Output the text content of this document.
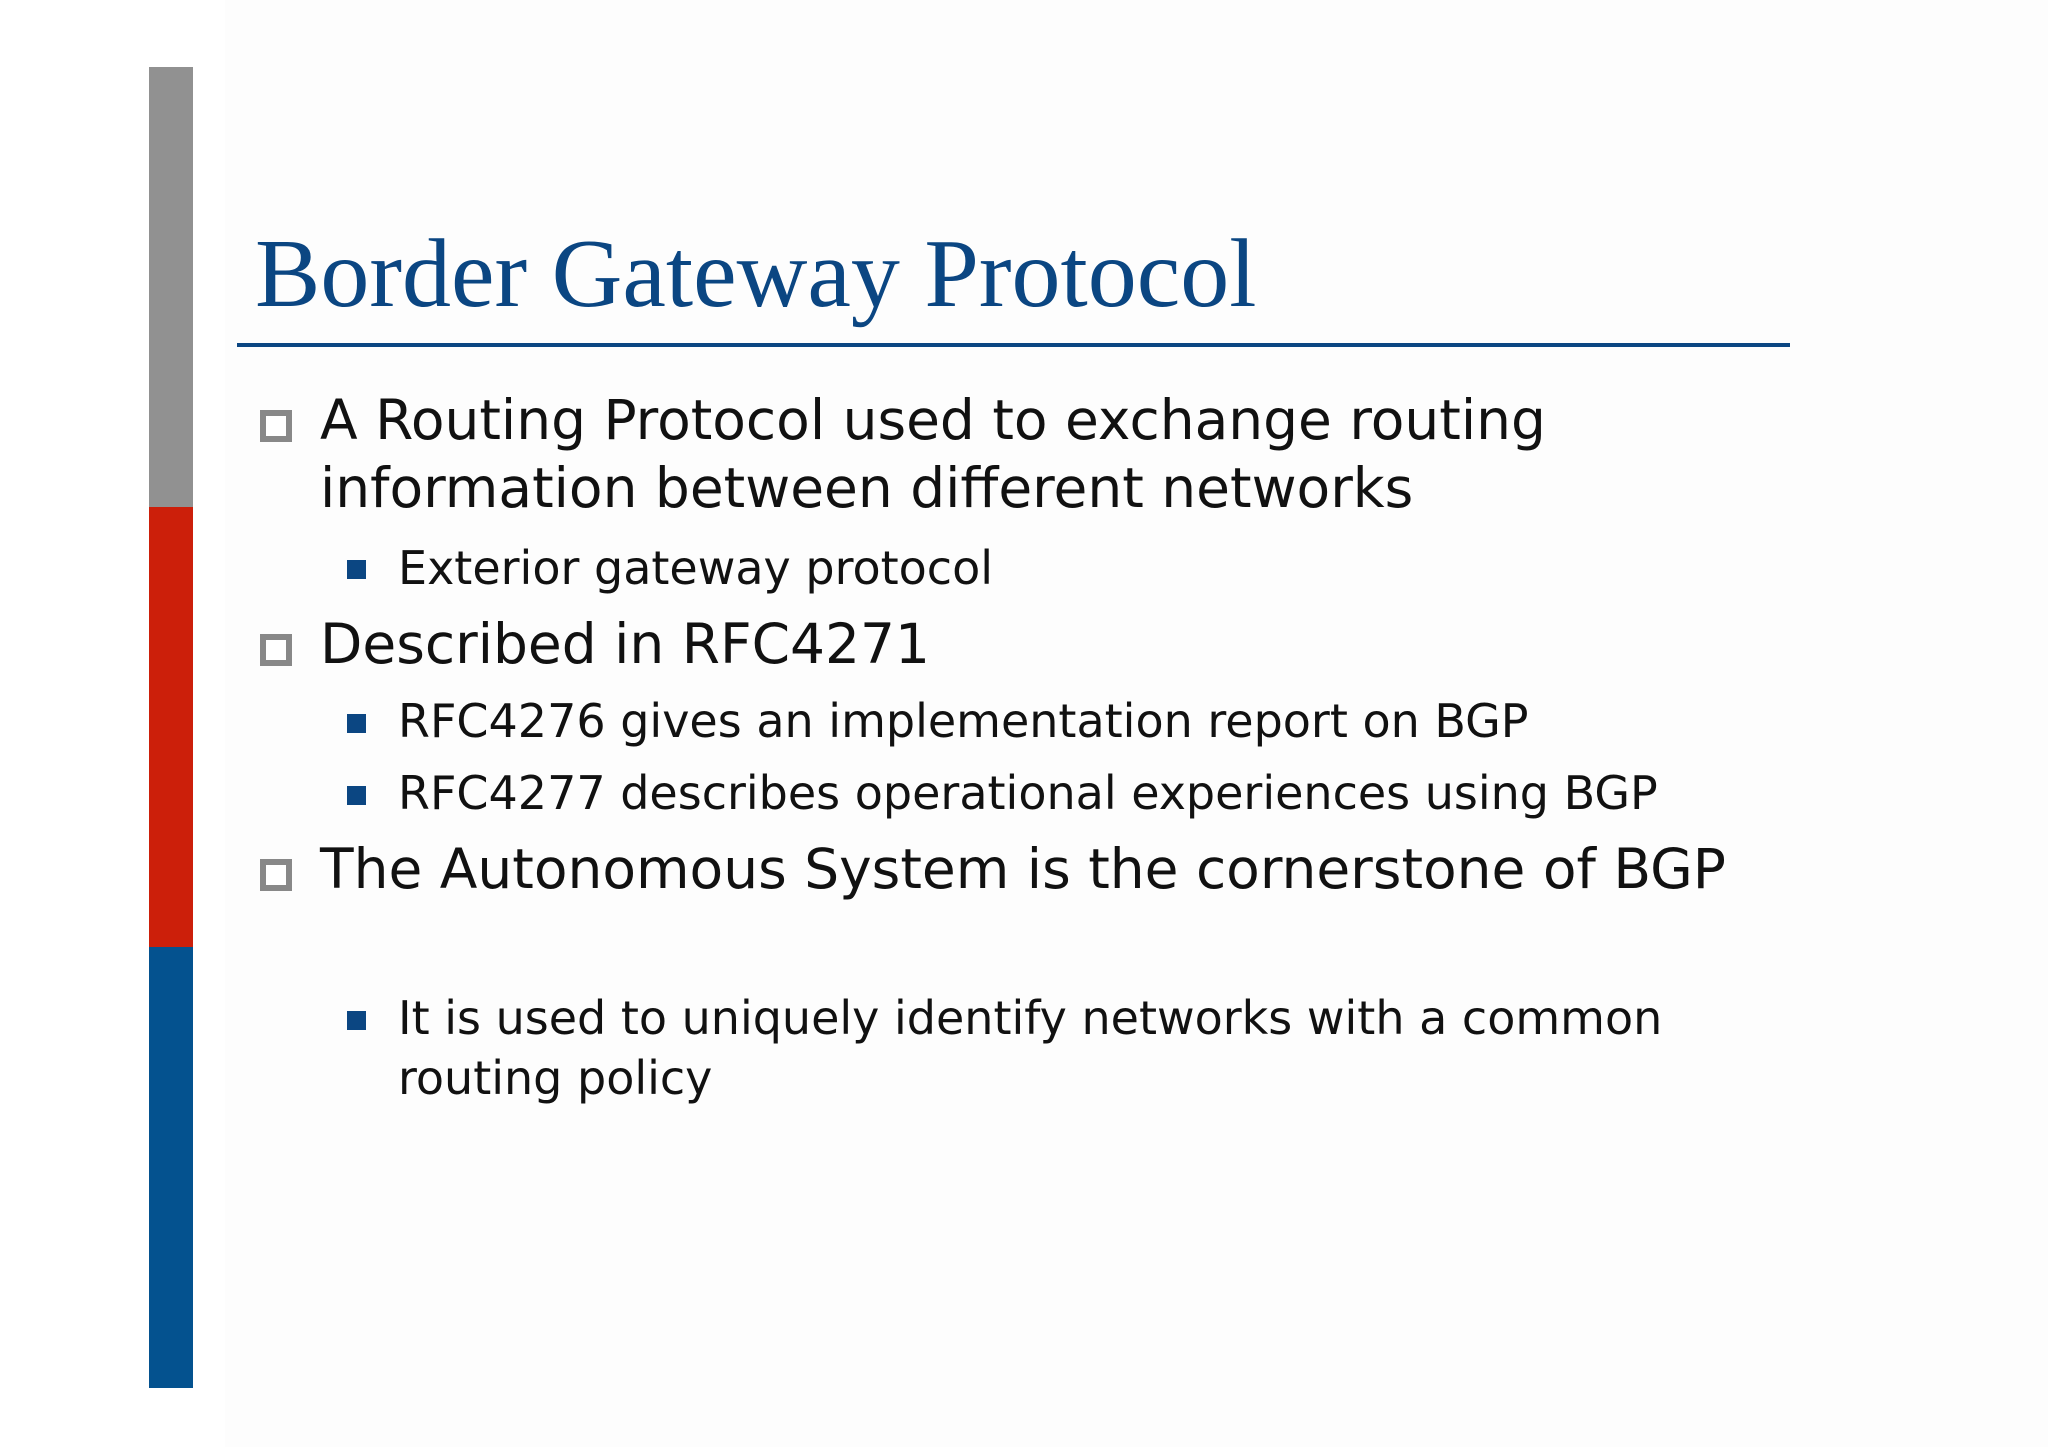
Border Gateway Protocol
A Routing Protocol used to exchange routing information between different networks
Exterior gateway protocol
Described in RFC4271
RFC4276 gives an implementation report on BGP
RFC4277 describes operational experiences using BGP
The Autonomous System is the cornerstone of BGP
It is used to uniquely identify networks with a common routing policy
